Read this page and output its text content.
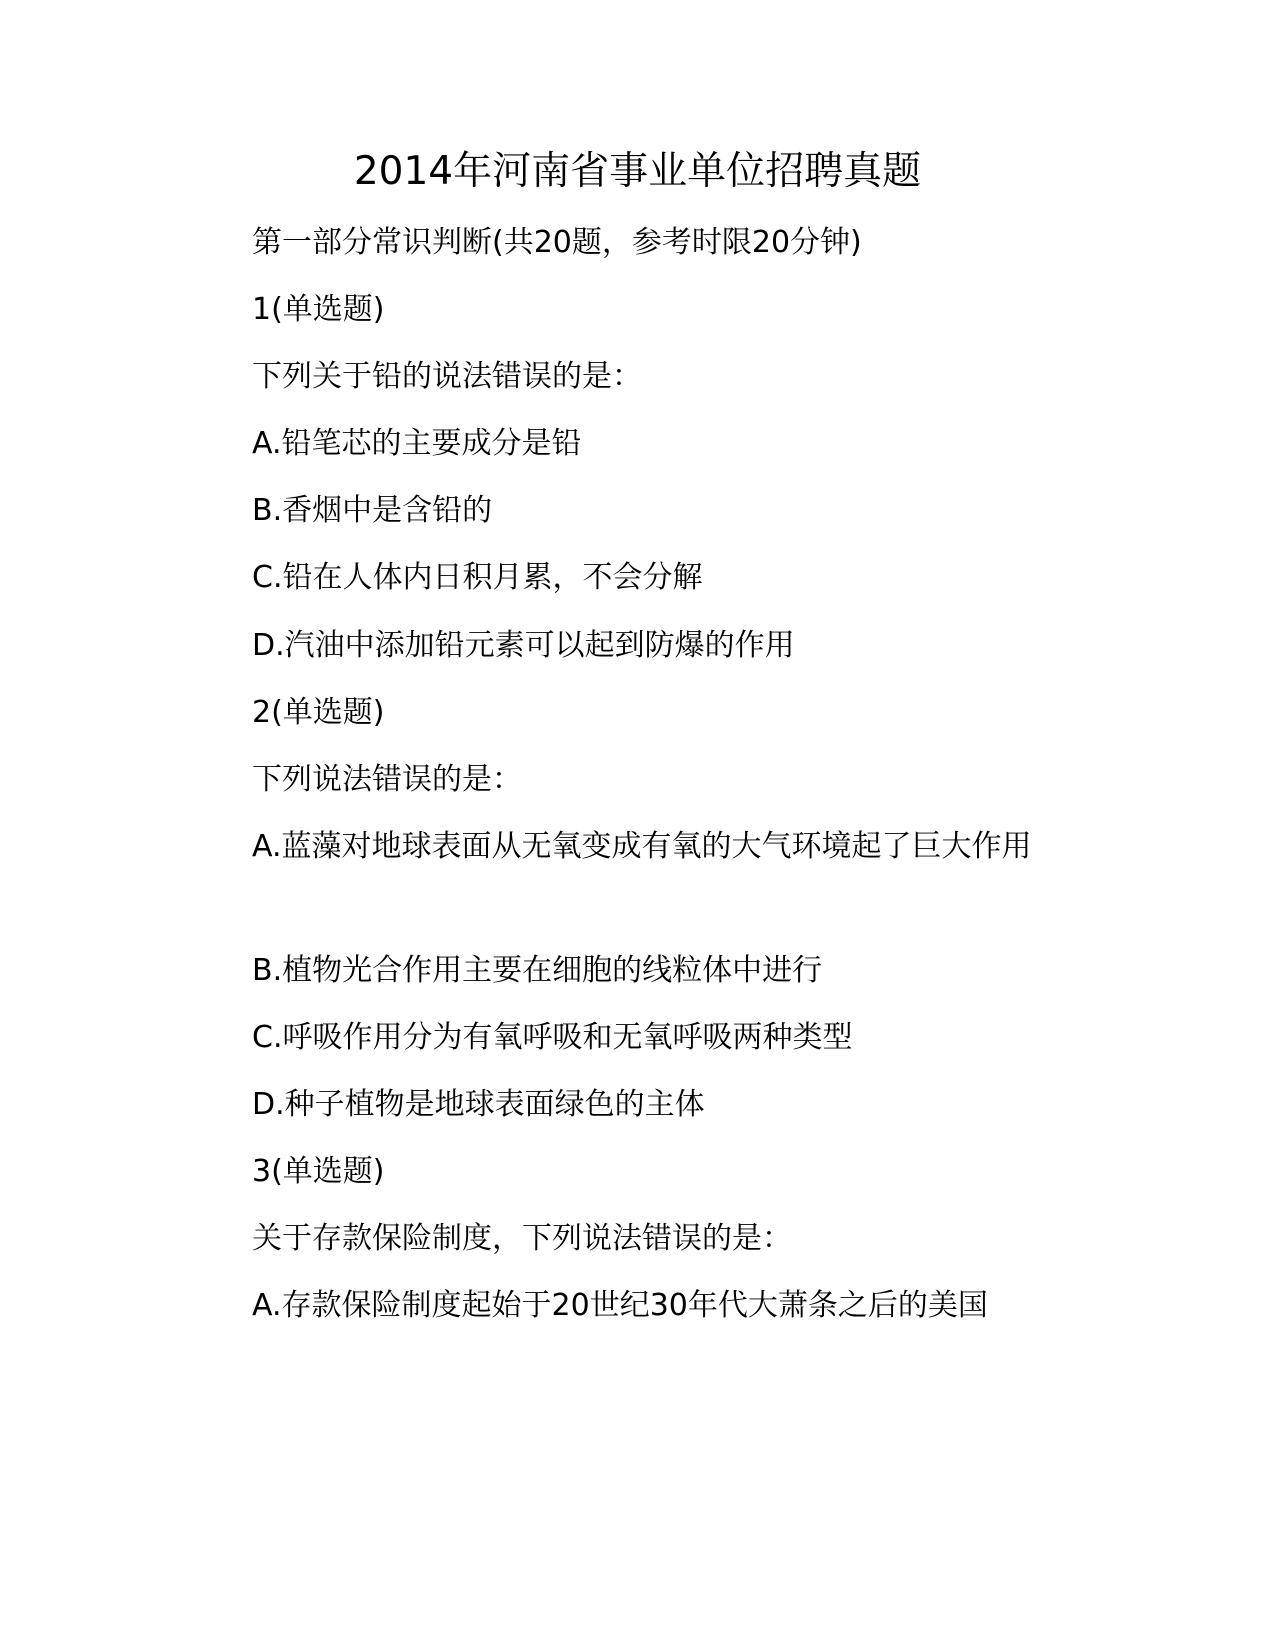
2014年河南省事业单位招聘真题

第一部分常识判断(共20题，参考时限20分钟)

1(单选题)

下列关于铅的说法错误的是：

A.铅笔芯的主要成分是铅

B.香烟中是含铅的

C.铅在人体内日积月累，不会分解

D.汽油中添加铅元素可以起到防爆的作用

2(单选题)

下列说法错误的是：

A.蓝藻对地球表面从无氧变成有氧的大气环境起了巨大作用

B.植物光合作用主要在细胞的线粒体中进行

C.呼吸作用分为有氧呼吸和无氧呼吸两种类型

D.种子植物是地球表面绿色的主体

3(单选题)

关于存款保险制度，下列说法错误的是：

A.存款保险制度起始于20世纪30年代大萧条之后的美国
